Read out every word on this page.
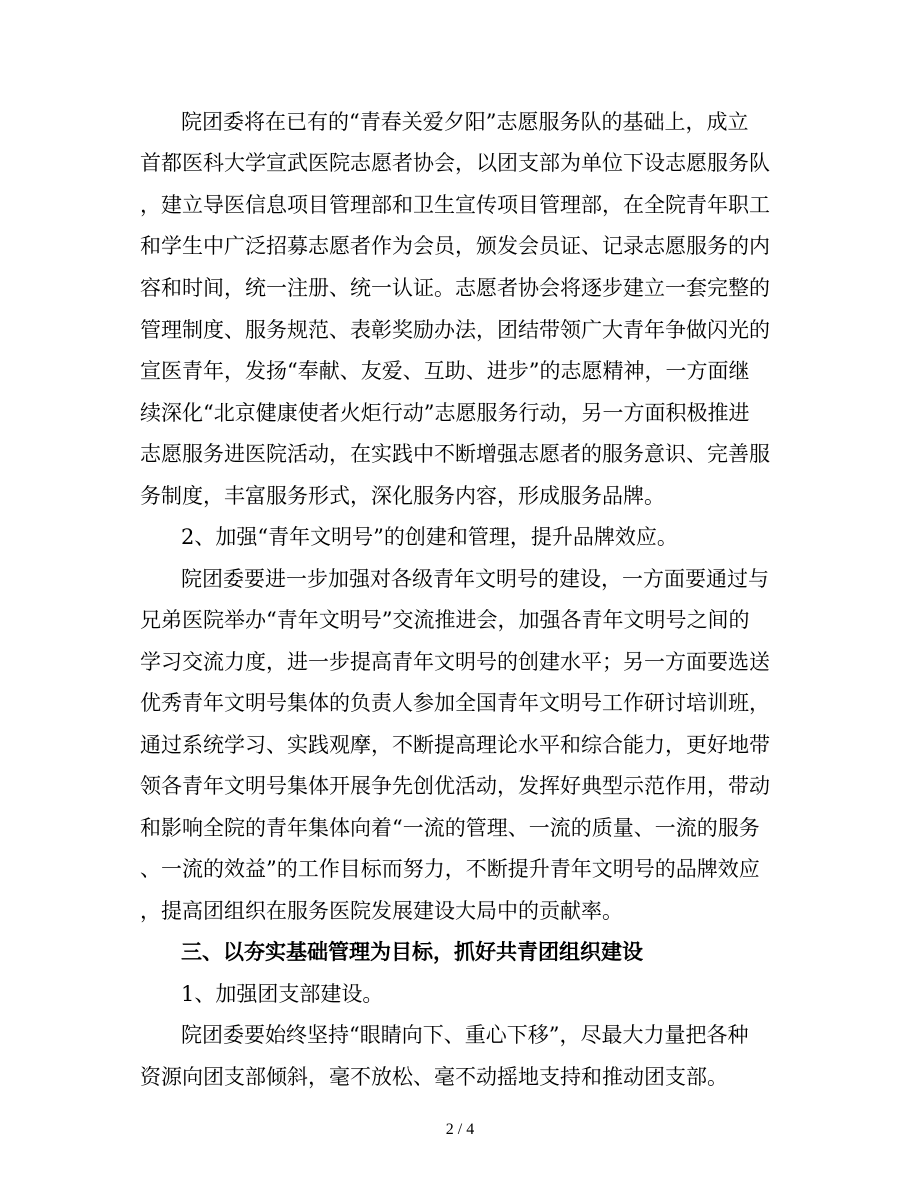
院团委将在已有的“青春关爱夕阳”志愿服务队的基础上，成立
首都医科大学宣武医院志愿者协会，以团支部为单位下设志愿服务队
，建立导医信息项目管理部和卫生宣传项目管理部，在全院青年职工
和学生中广泛招募志愿者作为会员，颁发会员证、记录志愿服务的内
容和时间，统一注册、统一认证。志愿者协会将逐步建立一套完整的
管理制度、服务规范、表彰奖励办法，团结带领广大青年争做闪光的
宣医青年，发扬“奉献、友爱、互助、进步”的志愿精神，一方面继
续深化“北京健康使者火炬行动”志愿服务行动，另一方面积极推进
志愿服务进医院活动，在实践中不断增强志愿者的服务意识、完善服
务制度，丰富服务形式，深化服务内容，形成服务品牌。
2、加强“青年文明号”的创建和管理，提升品牌效应。
院团委要进一步加强对各级青年文明号的建设，一方面要通过与
兄弟医院举办“青年文明号”交流推进会，加强各青年文明号之间的
学习交流力度，进一步提高青年文明号的创建水平；另一方面要选送
优秀青年文明号集体的负责人参加全国青年文明号工作研讨培训班，
通过系统学习、实践观摩，不断提高理论水平和综合能力，更好地带
领各青年文明号集体开展争先创优活动，发挥好典型示范作用，带动
和影响全院的青年集体向着“一流的管理、一流的质量、一流的服务
、一流的效益”的工作目标而努力，不断提升青年文明号的品牌效应
，提高团组织在服务医院发展建设大局中的贡献率。
三、以夯实基础管理为目标，抓好共青团组织建设
1、加强团支部建设。
院团委要始终坚持“眼睛向下、重心下移”，尽最大力量把各种
资源向团支部倾斜，毫不放松、毫不动摇地支持和推动团支部。
2 / 4
